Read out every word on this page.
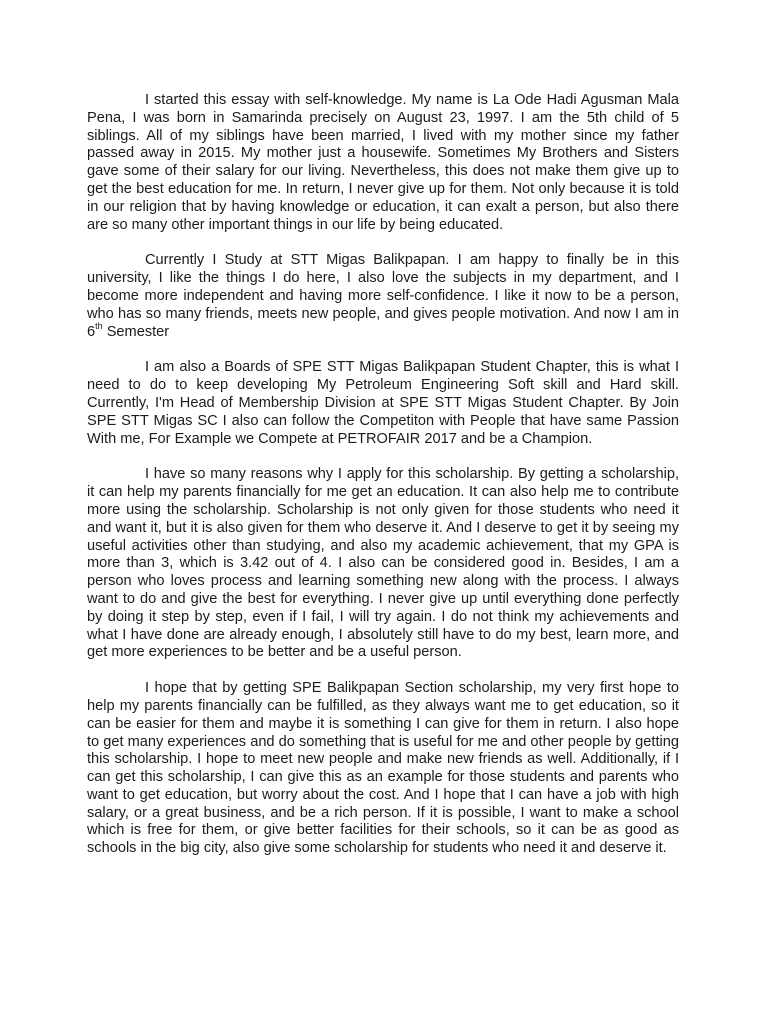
I started this essay with self-knowledge. My name is La Ode Hadi Agusman Mala Pena, I was born in Samarinda precisely on August 23, 1997. I am the 5th child of 5 siblings. All of my siblings have been married, I lived with my mother since my father passed away in 2015. My mother just a housewife. Sometimes My Brothers and Sisters gave some of their salary for our living. Nevertheless, this does not make them give up to get the best education for me. In return, I never give up for them. Not only because it is told in our religion that by having knowledge or education, it can exalt a person, but also there are so many other important things in our life by being educated.

Currently I Study at STT Migas Balikpapan. I am happy to finally be in this university, I like the things I do here, I also love the subjects in my department, and I become more independent and having more self-confidence. I like it now to be a person, who has so many friends, meets new people, and gives people motivation. And now I am in 6th Semester

I am also a Boards of SPE STT Migas Balikpapan Student Chapter, this is what I need to do to keep developing My Petroleum Engineering Soft skill and Hard skill. Currently, I'm Head of Membership Division at SPE STT Migas Student Chapter. By Join SPE STT Migas SC I also can follow the Competiton with People that have same Passion With me, For Example we Compete at PETROFAIR 2017 and be a Champion.

I have so many reasons why I apply for this scholarship. By getting a scholarship, it can help my parents financially for me get an education. It can also help me to contribute more using the scholarship. Scholarship is not only given for those students who need it and want it, but it is also given for them who deserve it. And I deserve to get it by seeing my useful activities other than studying, and also my academic achievement, that my GPA is more than 3, which is 3.42 out of 4. I also can be considered good in. Besides, I am a person who loves process and learning something new along with the process. I always want to do and give the best for everything. I never give up until everything done perfectly by doing it step by step, even if I fail, I will try again. I do not think my achievements and what I have done are already enough, I absolutely still have to do my best, learn more, and get more experiences to be better and be a useful person.

I hope that by getting SPE Balikpapan Section scholarship, my very first hope to help my parents financially can be fulfilled, as they always want me to get education, so it can be easier for them and maybe it is something I can give for them in return. I also hope to get many experiences and do something that is useful for me and other people by getting this scholarship. I hope to meet new people and make new friends as well. Additionally, if I can get this scholarship, I can give this as an example for those students and parents who want to get education, but worry about the cost. And I hope that I can have a job with high salary, or a great business, and be a rich person. If it is possible, I want to make a school which is free for them, or give better facilities for their schools, so it can be as good as schools in the big city, also give some scholarship for students who need it and deserve it.
